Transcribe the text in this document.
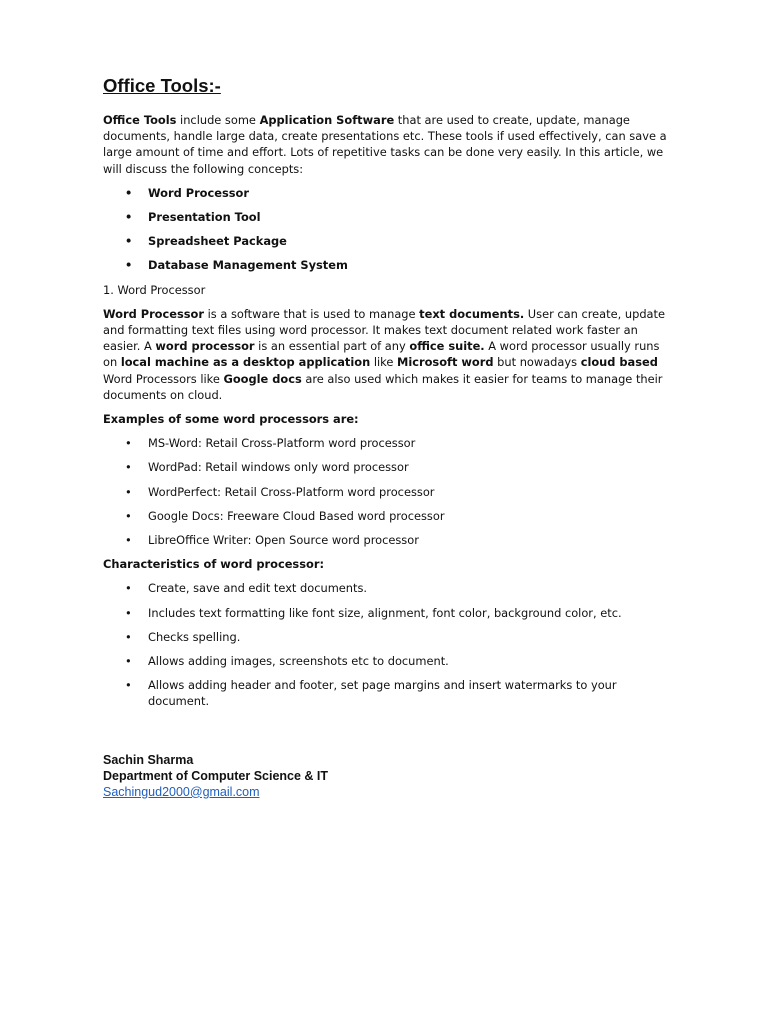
Office Tools:-

Office Tools include some Application Software that are used to create, update, manage documents, handle large data, create presentations etc. These tools if used effectively, can save a large amount of time and effort. Lots of repetitive tasks can be done very easily. In this article, we will discuss the following concepts:

• Word Processor
• Presentation Tool
• Spreadsheet Package
• Database Management System
1. Word Processor

Word Processor is a software that is used to manage text documents. User can create, update and formatting text files using word processor. It makes text document related work faster an easier. A word processor is an essential part of any office suite. A word processor usually runs on local machine as a desktop application like Microsoft word but nowadays cloud based Word Processors like Google docs are also used which makes it easier for teams to manage their documents on cloud.

Examples of some word processors are:
• MS-Word: Retail Cross-Platform word processor
• WordPad: Retail windows only word processor
• WordPerfect: Retail Cross-Platform word processor
• Google Docs: Freeware Cloud Based word processor
• LibreOffice Writer: Open Source word processor
Characteristics of word processor:
• Create, save and edit text documents.
• Includes text formatting like font size, alignment, font color, background color, etc.
• Checks spelling.
• Allows adding images, screenshots etc to document.
• Allows adding header and footer, set page margins and insert watermarks to your document.
Sachin Sharma
Department of Computer Science & IT
Sachingud2000@gmail.com
